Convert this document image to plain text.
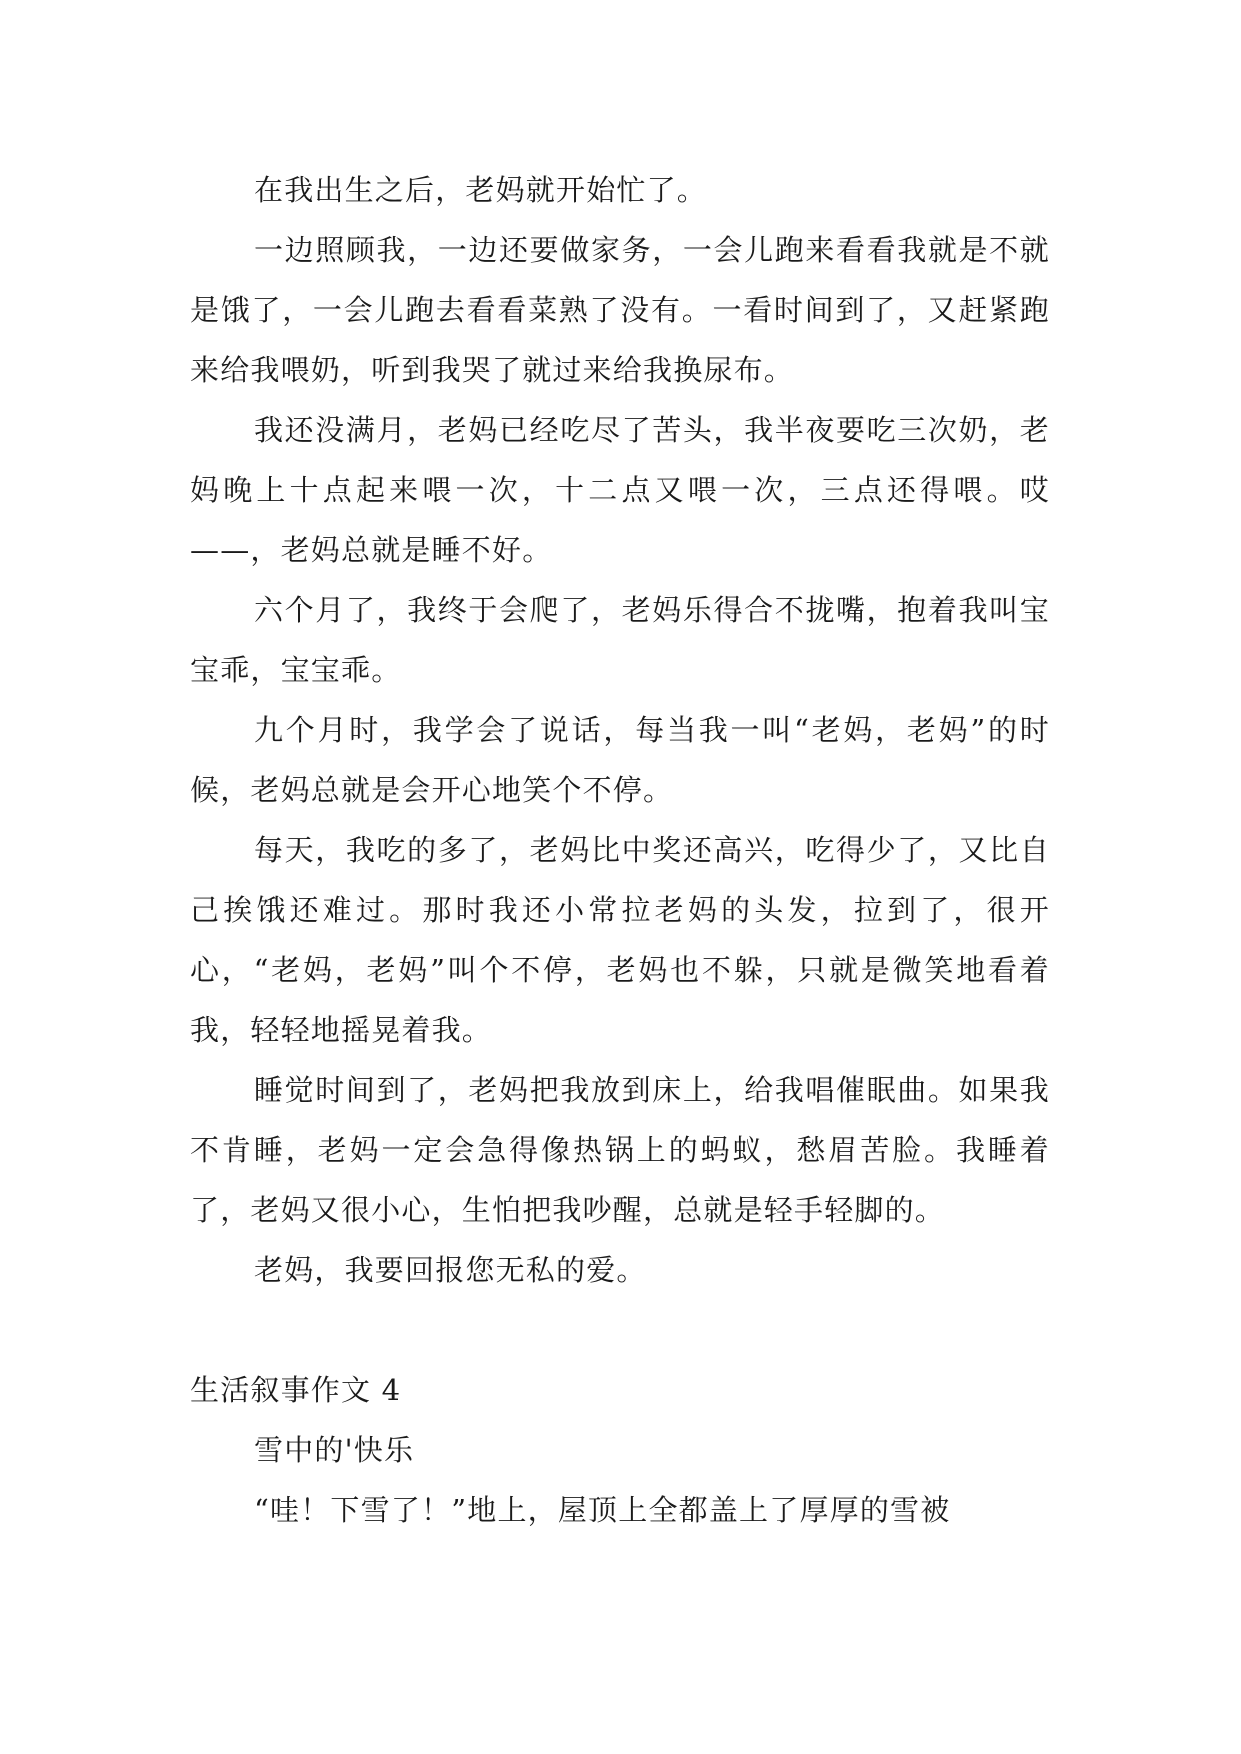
在我出生之后，老妈就开始忙了。

一边照顾我，一边还要做家务，一会儿跑来看看我就是不就是饿了，一会儿跑去看看菜熟了没有。一看时间到了，又赶紧跑来给我喂奶，听到我哭了就过来给我换尿布。

我还没满月，老妈已经吃尽了苦头，我半夜要吃三次奶，老妈晚上十点起来喂一次，十二点又喂一次，三点还得喂。哎——，老妈总就是睡不好。

六个月了，我终于会爬了，老妈乐得合不拢嘴，抱着我叫宝宝乖，宝宝乖。

九个月时，我学会了说话，每当我一叫“老妈，老妈”的时候，老妈总就是会开心地笑个不停。

每天，我吃的多了，老妈比中奖还高兴，吃得少了，又比自己挨饿还难过。那时我还小常拉老妈的头发，拉到了，很开心，“老妈，老妈”叫个不停，老妈也不躲，只就是微笑地看着我，轻轻地摇晃着我。

睡觉时间到了，老妈把我放到床上，给我唱催眠曲。如果我不肯睡，老妈一定会急得像热锅上的蚂蚁，愁眉苦脸。我睡着了，老妈又很小心，生怕把我吵醒，总就是轻手轻脚的。

老妈，我要回报您无私的爱。

生活叙事作文 4

雪中的'快乐

“哇！下雪了！”地上，屋顶上全都盖上了厚厚的雪被
